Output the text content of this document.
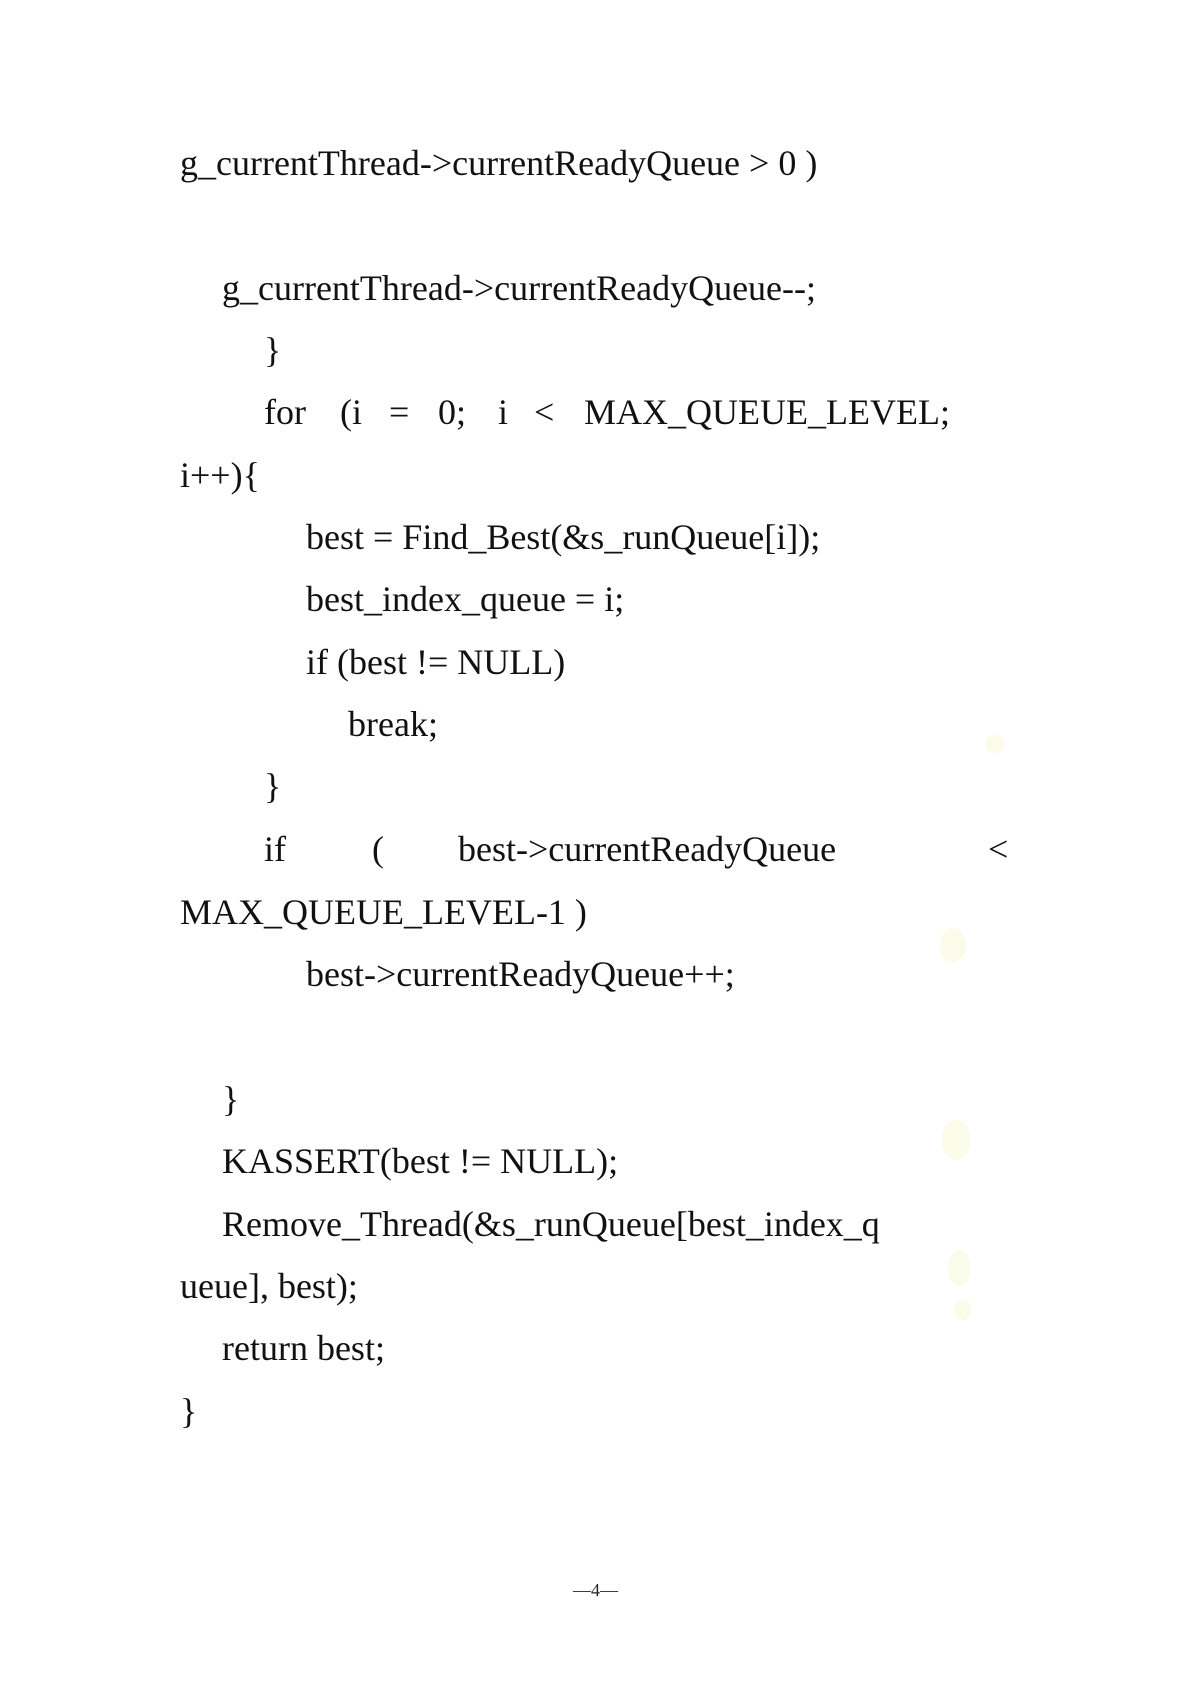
g_currentThread->currentReadyQueue > 0 )
g_currentThread->currentReadyQueue--;
}

for

(i

=

0;

i

<

MAX_QUEUE_LEVEL;

i++){
best = Find_Best(&s_runQueue[i]);
best_index_queue = i;
if (best != NULL)
break;
}

if

(

best->currentReadyQueue

	<

MAX_QUEUE_LEVEL-1 )
best->currentReadyQueue++;
}
KASSERT(best != NULL);
Remove_Thread(&s_runQueue[best_index_q
ueue], best);
return best;
}
—4—
